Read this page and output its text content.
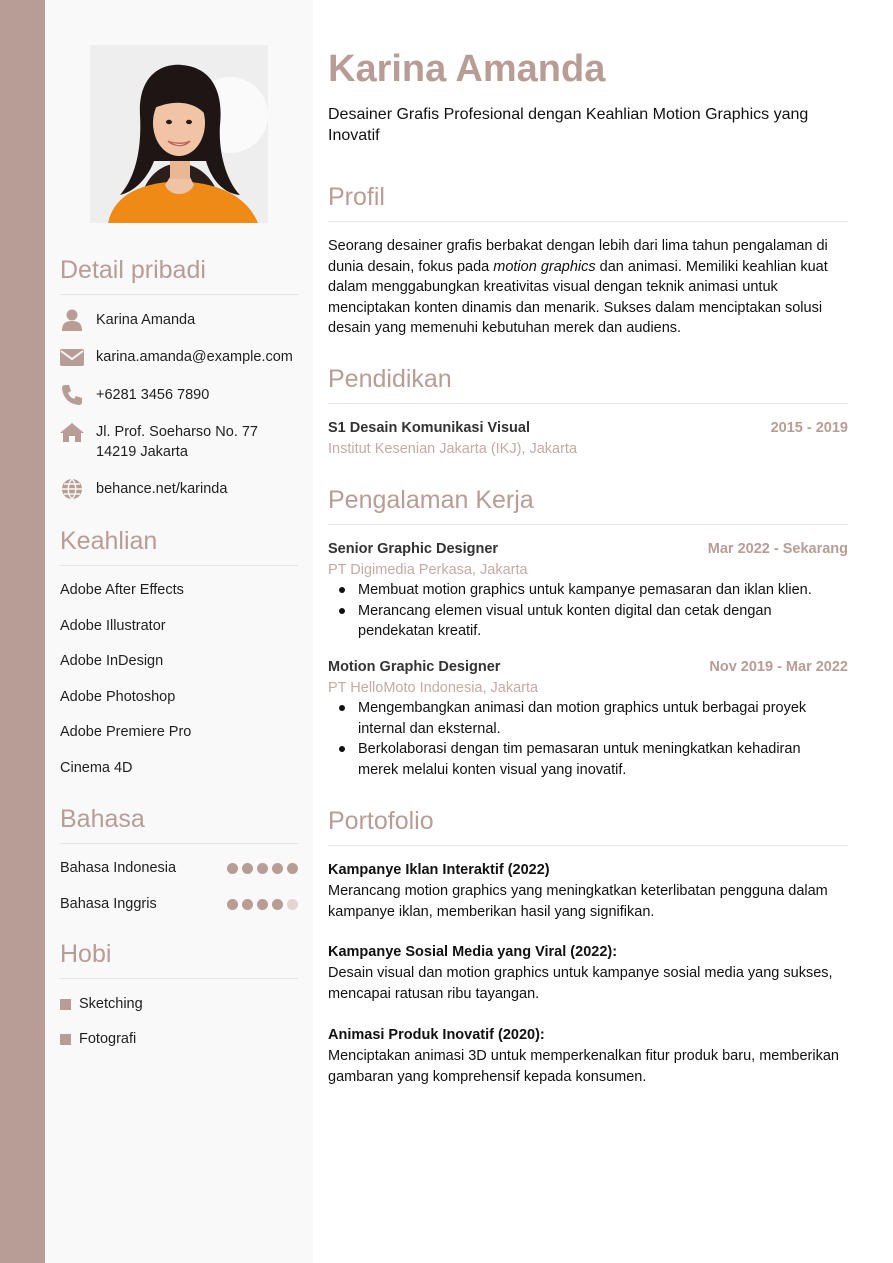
Detail pribadi
Karina Amanda
karina.amanda@example.com
+6281 3456 7890
Jl. Prof. Soeharso No. 77
14219 Jakarta
behance.net/karinda
Keahlian
Adobe After Effects
Adobe Illustrator
Adobe InDesign
Adobe Photoshop
Adobe Premiere Pro
Cinema 4D
Bahasa
Bahasa Indonesia
Bahasa Inggris
Hobi
Sketching
Fotografi
Karina Amanda
Desainer Grafis Profesional dengan Keahlian Motion Graphics yang Inovatif
Profil
Seorang desainer grafis berbakat dengan lebih dari lima tahun pengalaman di dunia desain, fokus pada motion graphics dan animasi. Memiliki keahlian kuat dalam menggabungkan kreativitas visual dengan teknik animasi untuk menciptakan konten dinamis dan menarik. Sukses dalam menciptakan solusi desain yang memenuhi kebutuhan merek dan audiens.
Pendidikan
S1 Desain Komunikasi Visual	2015 - 2019
Institut Kesenian Jakarta (IKJ), Jakarta
Pengalaman Kerja
Senior Graphic Designer	Mar 2022 - Sekarang
PT Digimedia Perkasa, Jakarta
Membuat motion graphics untuk kampanye pemasaran dan iklan klien.
Merancang elemen visual untuk konten digital dan cetak dengan pendekatan kreatif.
Motion Graphic Designer	Nov 2019 - Mar 2022
PT HelloMoto Indonesia, Jakarta
Mengembangkan animasi dan motion graphics untuk berbagai proyek internal dan eksternal.
Berkolaborasi dengan tim pemasaran untuk meningkatkan kehadiran merek melalui konten visual yang inovatif.
Portofolio
Kampanye Iklan Interaktif (2022)
Merancang motion graphics yang meningkatkan keterlibatan pengguna dalam kampanye iklan, memberikan hasil yang signifikan.
Kampanye Sosial Media yang Viral (2022):
Desain visual dan motion graphics untuk kampanye sosial media yang sukses, mencapai ratusan ribu tayangan.
Animasi Produk Inovatif (2020):
Menciptakan animasi 3D untuk memperkenalkan fitur produk baru, memberikan gambaran yang komprehensif kepada konsumen.
